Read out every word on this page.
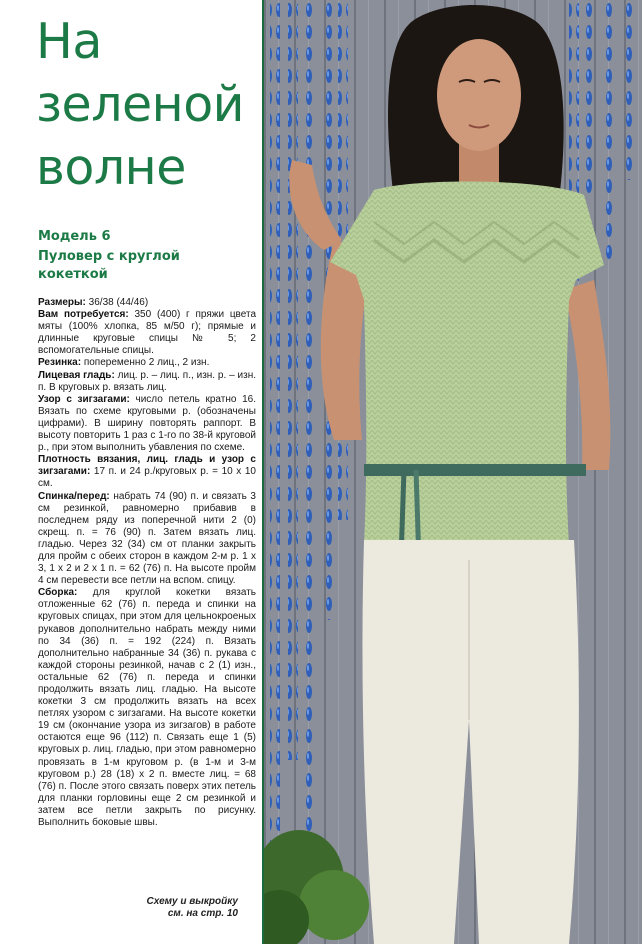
На
зеленой
волне
Модель 6
Пуловер с круглой кокеткой

Размеры: 36/38 (44/46)

Вам потребуется: 350 (400) г пряжи цвета мяты (100% хлопка, 85 м/50 г); прямые и длинные круговые спицы № 5; 2 вспомогательные спицы.

Резинка: попеременно 2 лиц., 2 изн.

Лицевая гладь: лиц. р. – лиц. п., изн. р. – изн. п. В круговых р. вязать лиц.

Узор с зигзагами: число петель кратно 16. Вязать по схеме круговыми р. (обозначены цифрами). В ширину повторять раппорт. В высоту повторить 1 раз с 1-го по 38-й круговой р., при этом выполнить убавления по схеме.

Плотность вязания, лиц. гладь и узор с зигзагами: 17 п. и 24 р./круговых р. = 10 х 10 см.

Спинка/перед: набрать 74 (90) п. и связать 3 см резинкой, равномерно прибавив в последнем ряду из поперечной нити 2 (0) скрещ. п. = 76 (90) п. Затем вязать лиц. гладью. Через 32 (34) см от планки закрыть для пройм с обеих сторон в каждом 2-м р. 1 х 3, 1 х 2 и 2 х 1 п. = 62 (76) п. На высоте пройм 4 см перевести все петли на вспом. спицу.

Сборка: для круглой кокетки вязать отложенные 62 (76) п. переда и спинки на круговых спицах, при этом для цельнокроеных рукавов дополнительно набрать между ними по 34 (36) п. = 192 (224) п. Вязать дополнительно набранные 34 (36) п. рукава с каждой стороны резинкой, начав с 2 (1) изн., остальные 62 (76) п. переда и спинки продолжить вязать лиц. гладью. На высоте кокетки 3 см продолжить вязать на всех петлях узором с зигзагами. На высоте кокетки 19 см (окончание узора из зигзагов) в работе остаются еще 96 (112) п. Связать еще 1 (5) круговых р. лиц. гладью, при этом равномерно провязать в 1-м круговом р. (в 1-м и 3-м круговом р.) 28 (18) х 2 п. вместе лиц. = 68 (76) п. После этого связать поверх этих петель для планки горловины еще 2 см резинкой и затем все петли закрыть по рисунку. Выполнить боковые швы.

Схему и выкройку
см. на стр. 10
